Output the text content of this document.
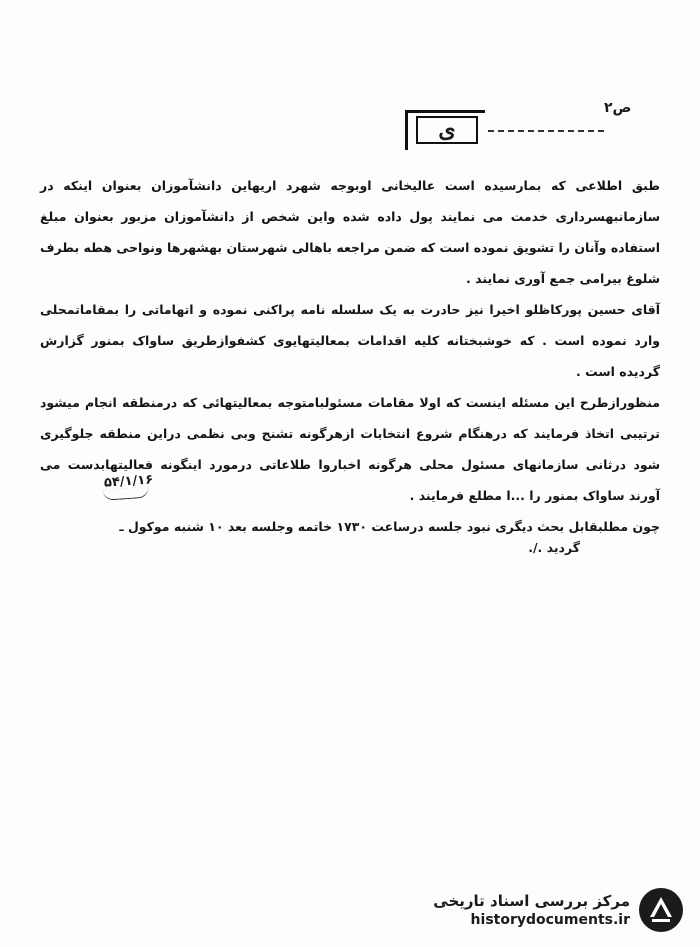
ص۲
ی

طبق اطلاعی که بمارسیده است عالیخانی اوبوجه شهرد اریهاین دانشآموزان بعنوان اینکه در سازمانبهسرداری خدمت می نمایند پول داده شده واین شخص از دانشآموزان مزبور بعنوان مبلغ استفاده وآنان را تشویق نموده است که ضمن مراجعه باهالی شهرستان بهشهرها ونواحی هطه بطرف شلوغ بیرامی جمع آوری نمایند .

آقای حسین پورکاظلو اخیرا نیز حادرت به یک سلسله نامه پراکنی نموده و اتهاماتی را بمقاماتمحلی وارد نموده است . که خوشبختانه کلیه اقدامات بمعالیتهایوی کشفوازطریق ساواک بمنور گزارش گردیده است .

منظورازطرح این مسئله اینست که اولا مقامات مسئولبامتوجه بمعالیتهائی که درمنطقه انجام میشود ترتیبی اتخاذ فرمایند که درهنگام شروع انتخابات ازهرگونه تشنج وبی نظمی دراین منطقه جلوگیری شود درثانی سازمانهای مسئول محلی هرگونه اخباروا طلاعاتی درمورد اینگونه فعالیتهابدست می آورند ساواک بمنور را ...ا مطلع فرمایند .

چون مطلبقابل بحث دیگری نبود جلسه درساعت ۱۷۳۰ خاتمه وجلسه بعد ۱۰ شنبه موکول ـ

۵۴/۱/۱۶
مرکز بررسی اسناد تاریخی
historydocuments.ir
گردید ./.
